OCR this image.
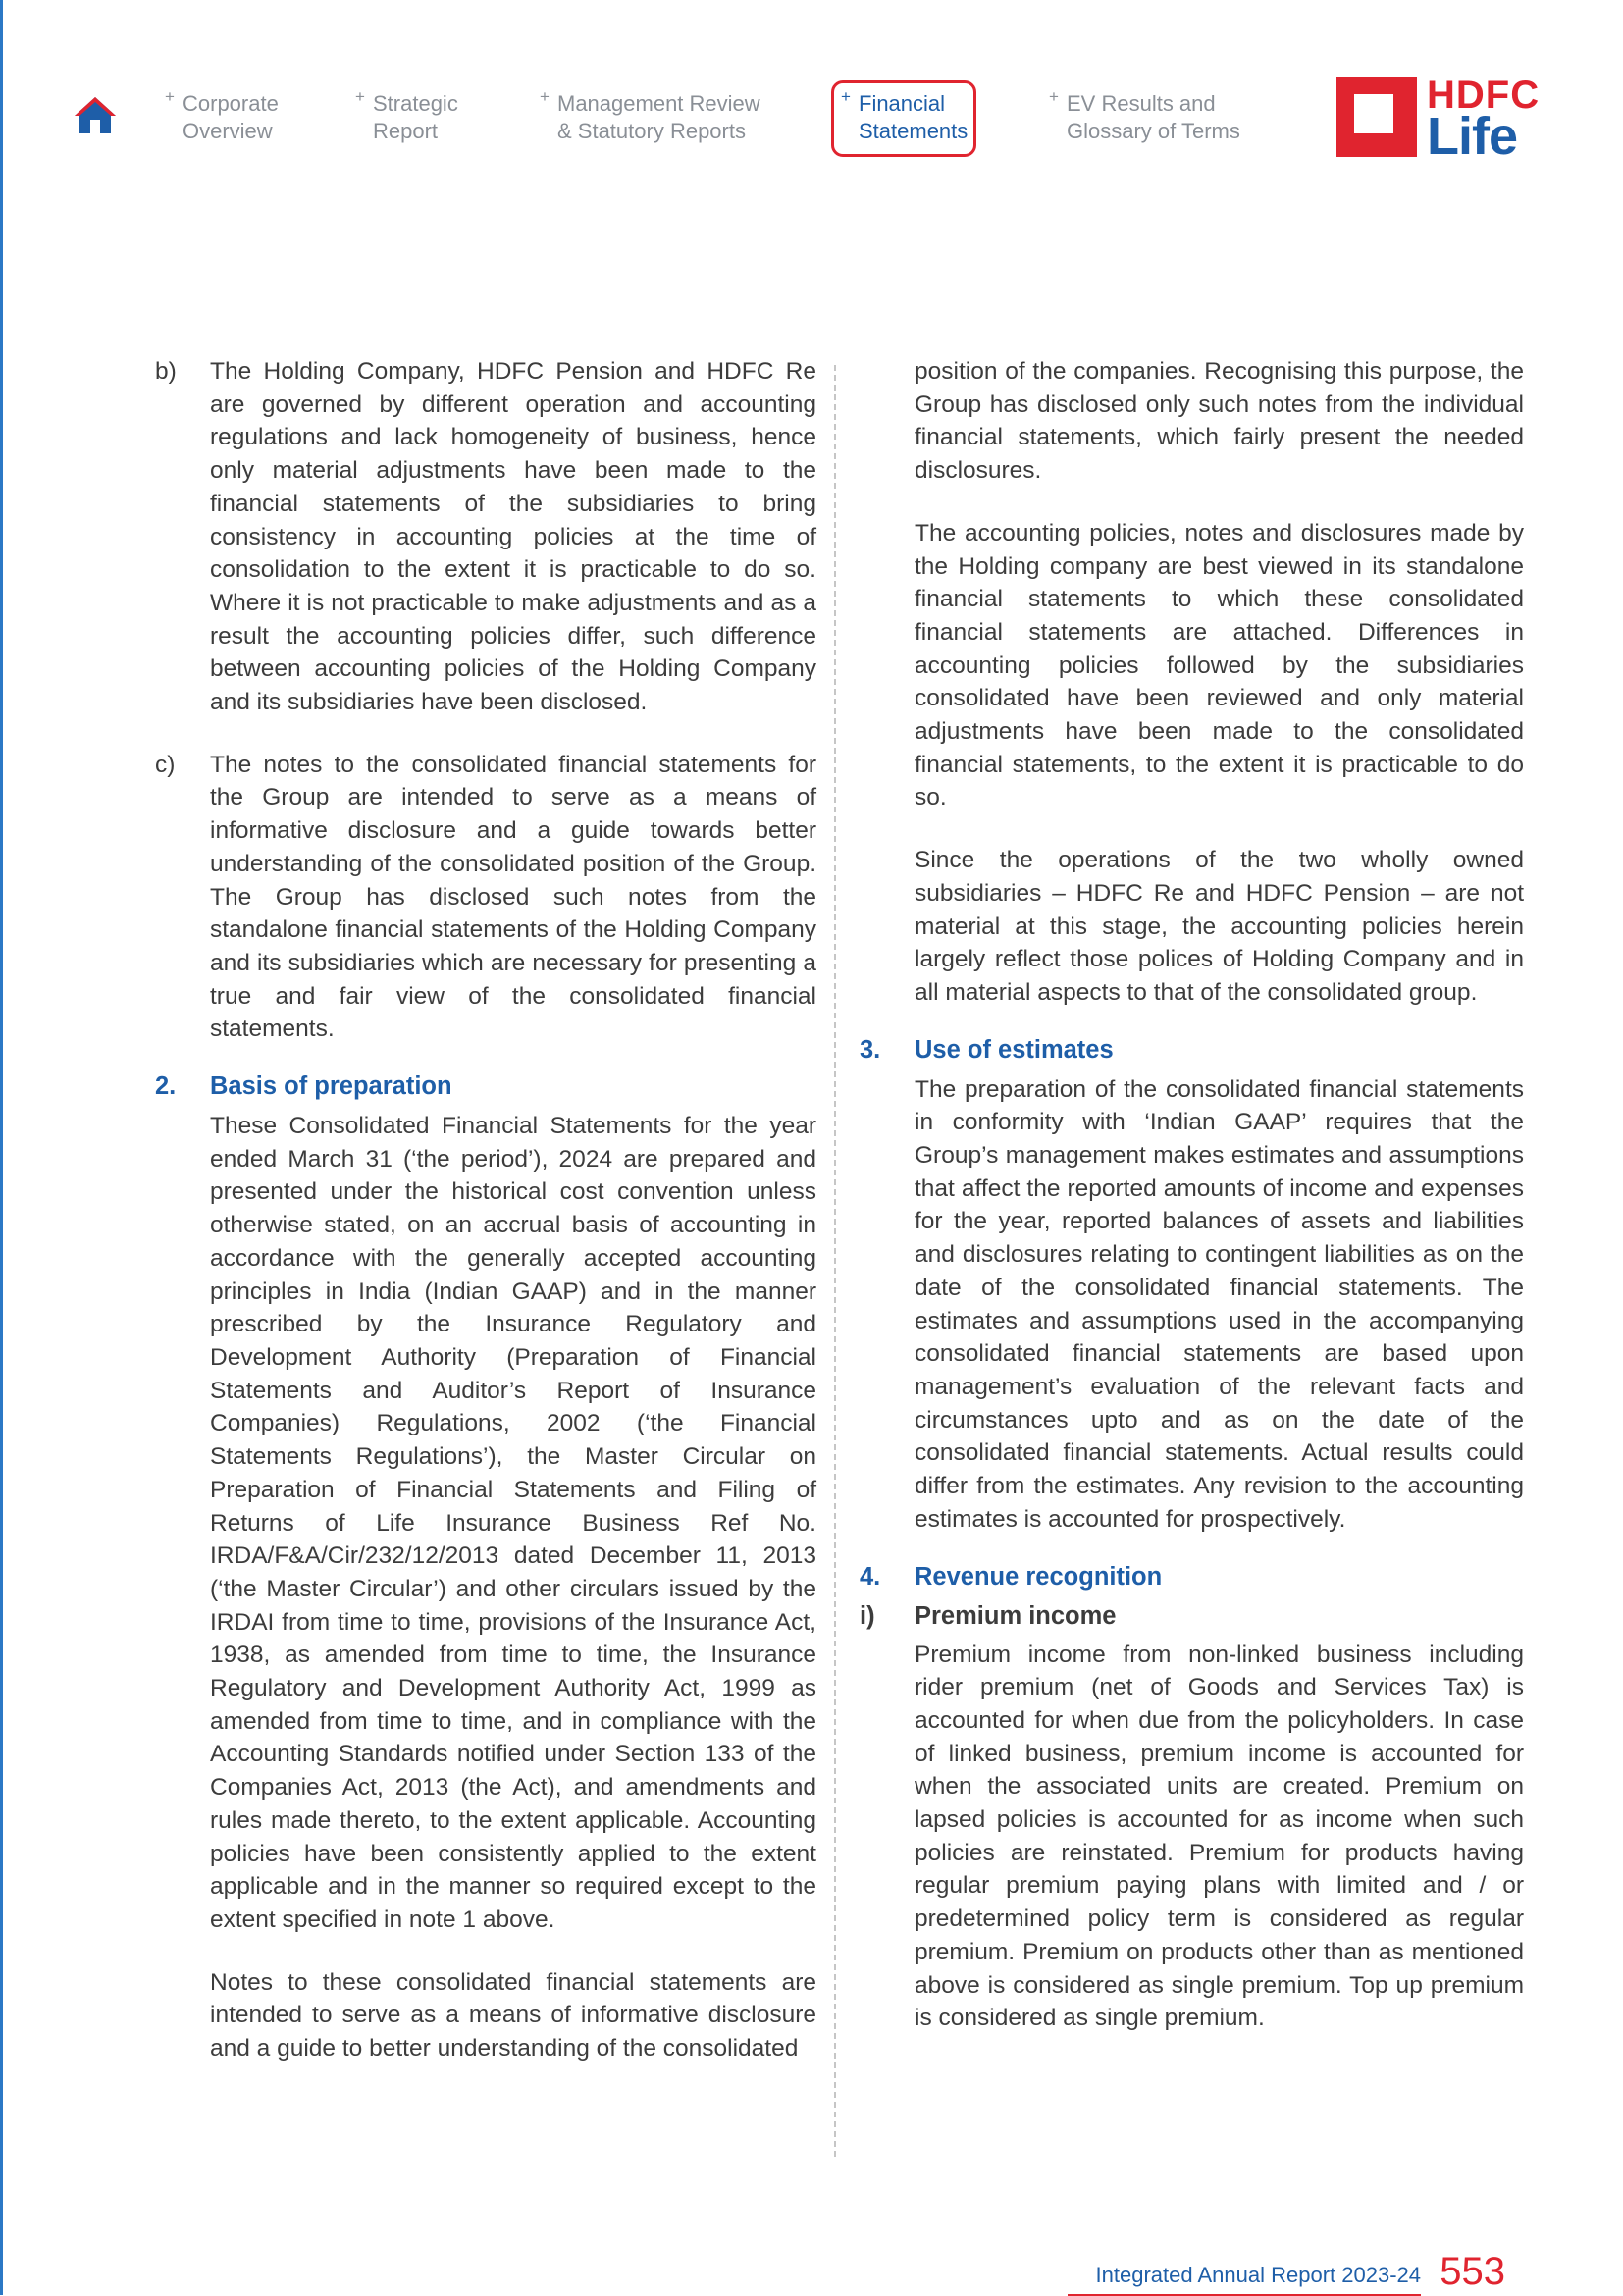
+ Corporate
Overview
+ Strategic
Report
+ Management Review
& Statutory Reports
+ Financial
Statements
+ EV Results and
Glossary of Terms
HDFC
Life
b) The Holding Company, HDFC Pension and HDFC Re are governed by different operation and accounting regulations and lack homogeneity of business, hence only material adjustments have been made to the financial statements of the subsidiaries to bring consistency in accounting policies at the time of consolidation to the extent it is practicable to do so. Where it is not practicable to make adjustments and as a result the accounting policies differ, such difference between accounting policies of the Holding Company and its subsidiaries have been disclosed.

c) The notes to the consolidated financial statements for the Group are intended to serve as a means of informative disclosure and a guide towards better understanding of the consolidated position of the Group. The Group has disclosed such notes from the standalone financial statements of the Holding Company and its subsidiaries which are necessary for presenting a true and fair view of the consolidated financial statements.

2. Basis of preparation

These Consolidated Financial Statements for the year ended March 31 (‘the period’), 2024 are prepared and presented under the historical cost convention unless otherwise stated, on an accrual basis of accounting in accordance with the generally accepted accounting principles in India (Indian GAAP) and in the manner prescribed by the Insurance Regulatory and Development Authority (Preparation of Financial Statements and Auditor’s Report of Insurance Companies) Regulations, 2002 (‘the Financial Statements Regulations’), the Master Circular on Preparation of Financial Statements and Filing of Returns of Life Insurance Business Ref No. IRDA/F&A/Cir/232/12/2013 dated December 11, 2013 (‘the Master Circular’) and other circulars issued by the IRDAI from time to time, provisions of the Insurance Act, 1938, as amended from time to time, the Insurance Regulatory and Development Authority Act, 1999 as amended from time to time, and in compliance with the Accounting Standards notified under Section 133 of the Companies Act, 2013 (the Act), and amendments and rules made thereto, to the extent applicable. Accounting policies have been consistently applied to the extent applicable and in the manner so required except to the extent specified in note 1 above.

Notes to these consolidated financial statements are intended to serve as a means of informative disclosure and a guide to better understanding of the consolidated

position of the companies. Recognising this purpose, the Group has disclosed only such notes from the individual financial statements, which fairly present the needed disclosures.

The accounting policies, notes and disclosures made by the Holding company are best viewed in its standalone financial statements to which these consolidated financial statements are attached. Differences in accounting policies followed by the subsidiaries consolidated have been reviewed and only material adjustments have been made to the consolidated financial statements, to the extent it is practicable to do so.

Since the operations of the two wholly owned subsidiaries – HDFC Re and HDFC Pension – are not material at this stage, the accounting policies herein largely reflect those polices of Holding Company and in all material aspects to that of the consolidated group.

3. Use of estimates

The preparation of the consolidated financial statements in conformity with ‘Indian GAAP’ requires that the Group’s management makes estimates and assumptions that affect the reported amounts of income and expenses for the year, reported balances of assets and liabilities and disclosures relating to contingent liabilities as on the date of the consolidated financial statements. The estimates and assumptions used in the accompanying consolidated financial statements are based upon management’s evaluation of the relevant facts and circumstances upto and as on the date of the consolidated financial statements. Actual results could differ from the estimates. Any revision to the accounting estimates is accounted for prospectively.

4. Revenue recognition
i) Premium income

Premium income from non-linked business including rider premium (net of Goods and Services Tax) is accounted for when due from the policyholders. In case of linked business, premium income is accounted for when the associated units are created. Premium on lapsed policies is accounted for as income when such policies are reinstated. Premium for products having regular premium paying plans with limited and / or predetermined policy term is considered as regular premium. Premium on products other than as mentioned above is considered as single premium. Top up premium is considered as single premium.

Integrated Annual Report 2023-24 553
